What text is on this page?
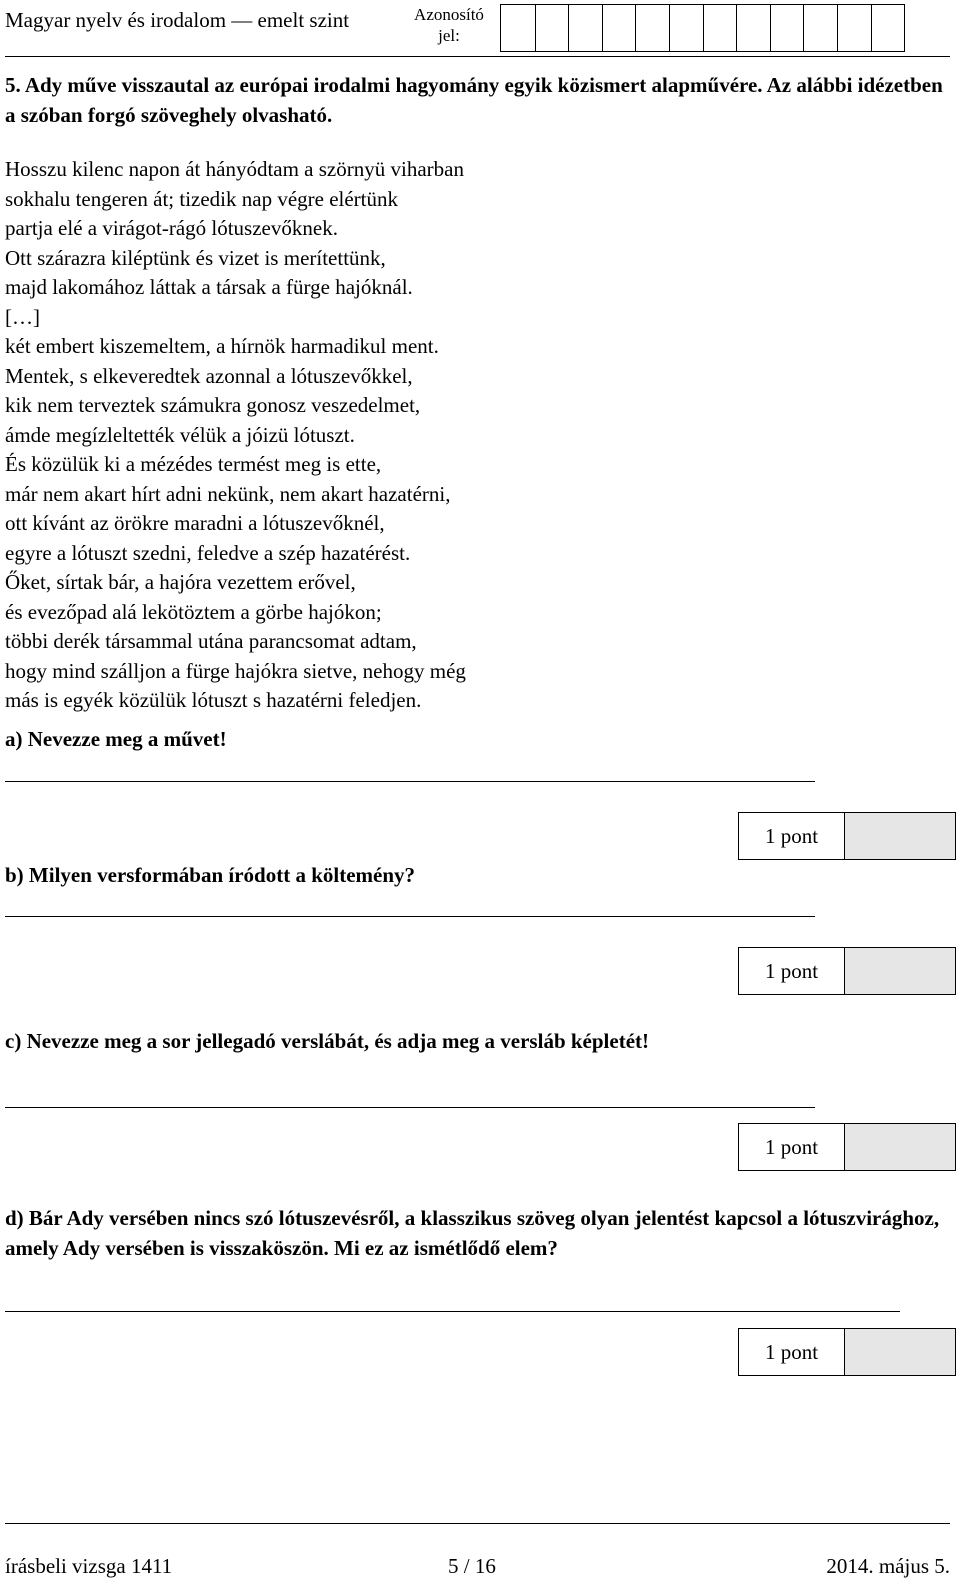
Magyar nyelv és irodalom — emelt szint	Azonosító jel:
5. Ady műve visszautal az európai irodalmi hagyomány egyik közismert alapművére. Az alábbi idézetben a szóban forgó szöveghely olvasható.
Hosszu kilenc napon át hányódtam a szörnyü viharban
sokhalu tengeren át; tizedik nap végre elértünk
partja elé a virágot-rágó lótuszevőknek.
Ott szárazra kiléptünk és vizet is merítettünk,
majd lakomához láttak a társak a fürge hajóknál.
[…]
két embert kiszemeltem, a hírnök harmadikul ment.
Mentek, s elkeveredtek azonnal a lótuszevőkkel,
kik nem terveztek számukra gonosz veszedelmet,
ámde megízleltették vélük a jóizü lótuszt.
És közülük ki a mézédes termést meg is ette,
már nem akart hírt adni nekünk, nem akart hazatérni,
ott kívánt az örökre maradni a lótuszevőknél,
egyre a lótuszt szedni, feledve a szép hazatérést.
Őket, sírtak bár, a hajóra vezettem erővel,
és evezőpad alá lekötöztem a görbe hajókon;
többi derék társammal utána parancsomat adtam,
hogy mind szálljon a fürge hajókra sietve, nehogy még
más is egyék közülük lótuszt s hazatérni feledjen.
a) Nevezze meg a művet!
1 pont
b) Milyen versformában íródott a költemény?
1 pont
c) Nevezze meg a sor jellegadó verslábát, és adja meg a versláb képletét!
1 pont
d) Bár Ady versében nincs szó lótuszevésről, a klasszikus szöveg olyan jelentést kapcsol a lótuszvirághoz, amely Ady versében is visszaköszön. Mi ez az ismétlődő elem?
1 pont
írásbeli vizsga 1411	5 / 16	2014. május 5.
